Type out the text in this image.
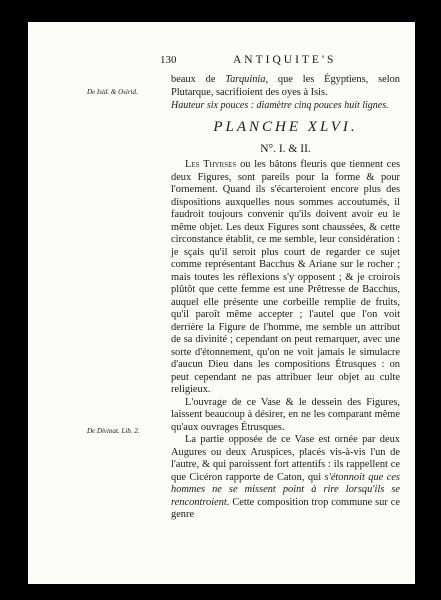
130	ANTIQUITE'S
De Isid. & Osirid.

beaux de Tarquinia, que les Égyptiens, selon Plutarque, sacrifioient des oyes à Isis.

Hauteur six pouces : diamètre cinq pouces huit lignes.

PLANCHE XLVI.
N°. I. & II.

Les Thyrses ou les bâtons fleuris que tiennent ces deux Figures, sont pareils pour la forme & pour l'ornement. Quand ils s'écarteroient encore plus des dispositions auxquelles nous sommes accoutumés, il faudroit toujours convenir qu'ils doivent avoir eu le même objet. Les deux Figures sont chaussées, & cette circonstance établit, ce me semble, leur considération : je sçais qu'il seroit plus court de regarder ce sujet comme représentant Bacchus & Ariane sur le rocher ; mais toutes les réflexions s'y opposent ; & je croirois plûtôt que cette femme est une Prêtresse de Bacchus, auquel elle présente une corbeille remplie de fruits, qu'il paroît même accepter ; l'autel que l'on voit derrière la Figure de l'homme, me semble un attribut de sa divinité ; cependant on peut remarquer, avec une sorte d'étonnement, qu'on ne voit jamais le simulacre d'aucun Dieu dans les compositions Étrusques : on peut cependant ne pas attribuer leur objet au culte religieux.

L'ouvrage de ce Vase & le dessein des Figures, laissent beaucoup à désirer, en ne les comparant même qu'aux ouvrages Étrusques.

La partie opposée de ce Vase est ornée par deux Augures ou deux Aruspices, placés vis-à-vis l'un de l'autre, & qui paroissent fort attentifs : ils rappellent ce que Cicéron rapporte de Caton, qui s'étonnoit que ces hommes ne se missent point à rire lorsqu'ils se rencontroient. Cette composition trop commune sur ce genre

De Divinat. Lib. 2.
